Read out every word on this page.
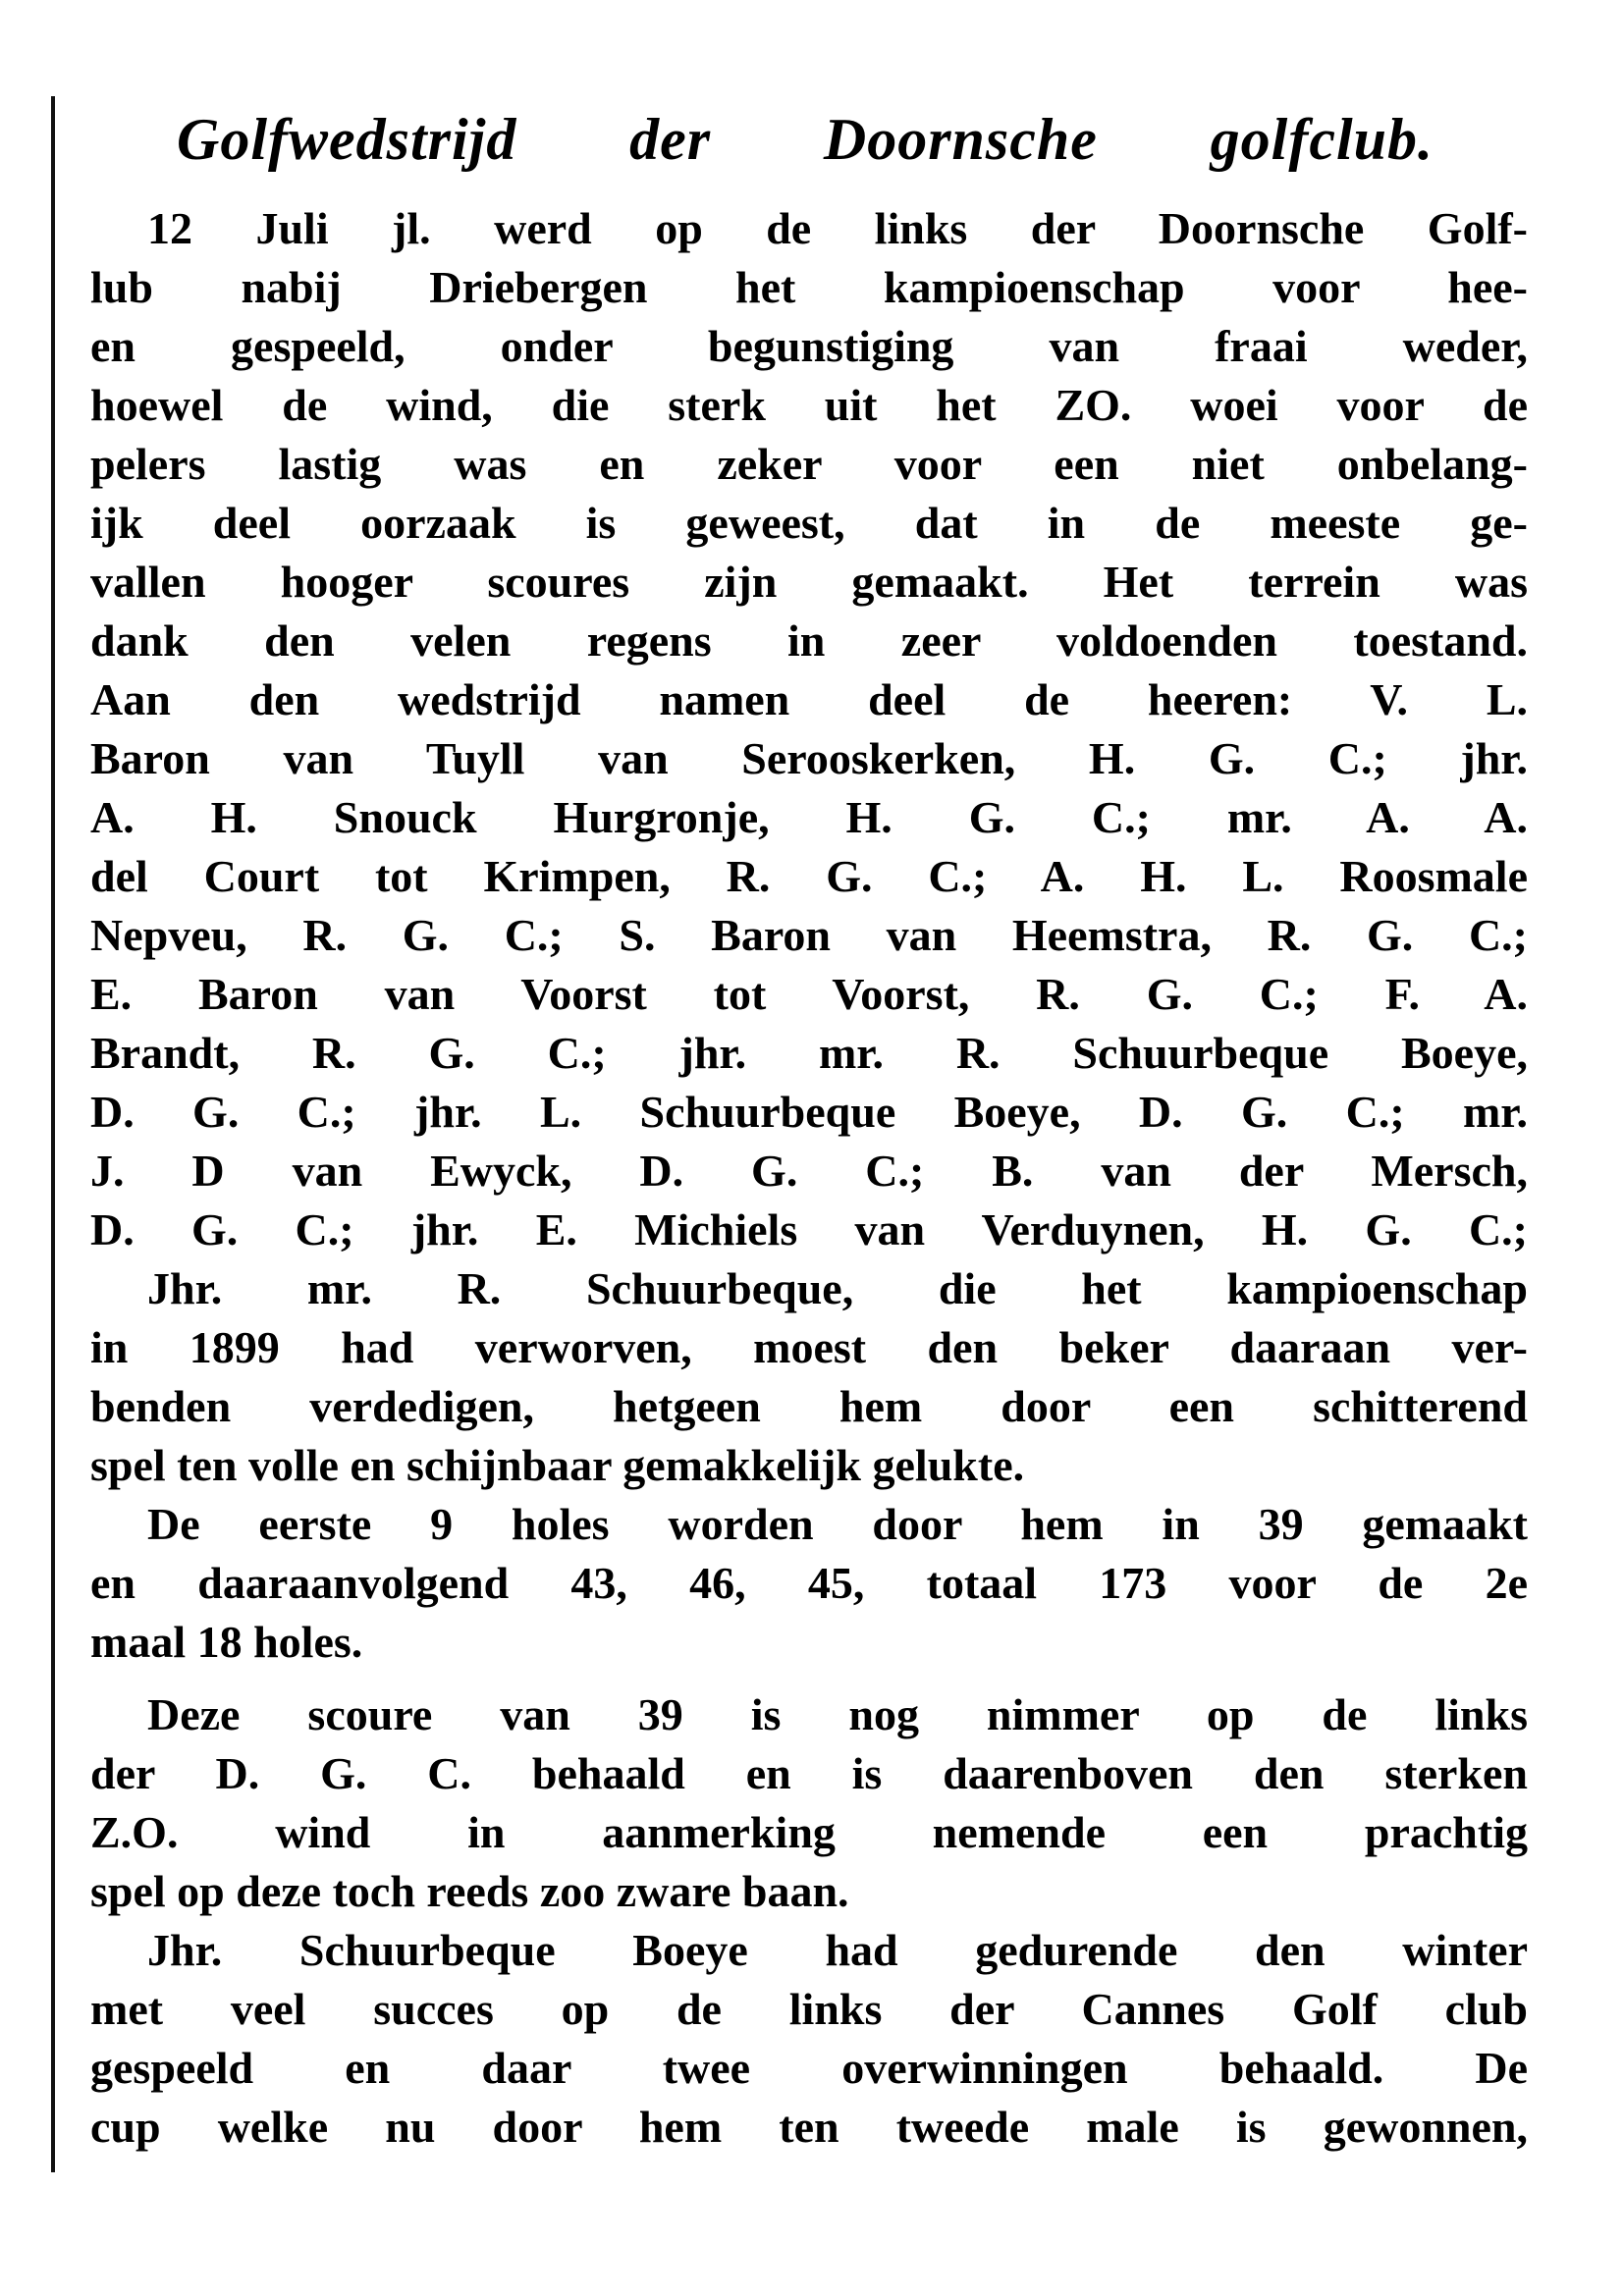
Golfwedstrijd der Doornsche golfclub.
12 Juli jl. werd op de links der Doornsche Golf-
lub nabij Driebergen het kampioenschap voor hee-
en gespeeld, onder begunstiging van fraai weder,
hoewel de wind, die sterk uit het ZO. woei voor de
pelers lastig was en zeker voor een niet onbelang-
ijk deel oorzaak is geweest, dat in de meeste ge-
vallen hooger scoures zijn gemaakt. Het terrein was
dank den velen regens in zeer voldoenden toestand.
Aan den wedstrijd namen deel de heeren: V. L.
Baron van Tuyll van Serooskerken, H. G. C.; jhr.
A. H. Snouck Hurgronje, H. G. C.; mr. A. A.
del Court tot Krimpen, R. G. C.; A. H. L. Roosmale
Nepveu, R. G. C.; S. Baron van Heemstra, R. G. C.;
E. Baron van Voorst tot Voorst, R. G. C.; F. A.
Brandt, R. G. C.; jhr. mr. R. Schuurbeque Boeye,
D. G. C.; jhr. L. Schuurbeque Boeye, D. G. C.; mr.
J. D van Ewyck, D. G. C.; B. van der Mersch,
D. G. C.; jhr. E. Michiels van Verduynen, H. G. C.;
Jhr. mr. R. Schuurbeque, die het kampioenschap
in 1899 had verworven, moest den beker daaraan ver-
benden verdedigen, hetgeen hem door een schitterend
spel ten volle en schijnbaar gemakkelijk gelukte.
De eerste 9 holes worden door hem in 39 gemaakt
en daaraanvolgend 43, 46, 45, totaal 173 voor de 2e
maal 18 holes.
Deze scoure van 39 is nog nimmer op de links
der D. G. C. behaald en is daarenboven den sterken
Z.O. wind in aanmerking nemende een prachtig
spel op deze toch reeds zoo zware baan.
Jhr. Schuurbeque Boeye had gedurende den winter
met veel succes op de links der Cannes Golf club
gespeeld en daar twee overwinningen behaald. De
cup welke nu door hem ten tweede male is gewonnen,
